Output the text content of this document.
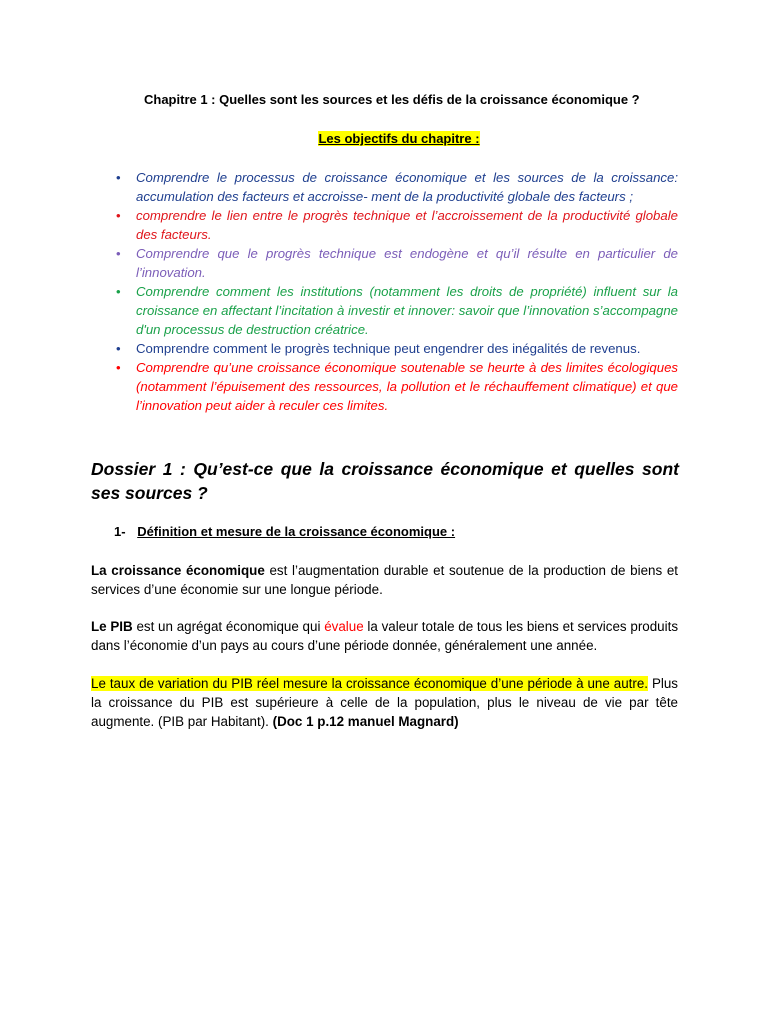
Chapitre 1 : Quelles sont les sources et les défis de la croissance économique ?
Les objectifs du chapitre :
• Comprendre le processus de croissance économique et les sources de la croissance: accumulation des facteurs et accroisse- ment de la productivité globale des facteurs ;
• comprendre le lien entre le progrès technique et l’accroissement de la productivité globale des facteurs.
• Comprendre que le progrès technique est endogène et qu’il résulte en particulier de l’innovation.
• Comprendre comment les institutions (notamment les droits de propriété) influent sur la croissance en affectant l’incitation à investir et innover: savoir que l’innovation s’accompagne d'un processus de destruction créatrice.
• Comprendre comment le progrès technique peut engendrer des inégalités de revenus.
• Comprendre qu’une croissance économique soutenable se heurte à des limites écologiques (notamment l’épuisement des ressources, la pollution et le réchauffement climatique) et que l’innovation peut aider à reculer ces limites.
Dossier 1 : Qu’est-ce que la croissance économique et quelles sont ses sources ?
1- Définition et mesure de la croissance économique :
La croissance économique est l’augmentation durable et soutenue de la production de biens et services d’une économie sur une longue période.
Le PIB est un agrégat économique qui évalue la valeur totale de tous les biens et services produits dans l’économie d’un pays au cours d’une période donnée, généralement une année.
Le taux de variation du PIB réel mesure la croissance économique d’une période à une autre. Plus la croissance du PIB est supérieure à celle de la population, plus le niveau de vie par tête augmente. (PIB par Habitant). (Doc 1 p.12 manuel Magnard)
